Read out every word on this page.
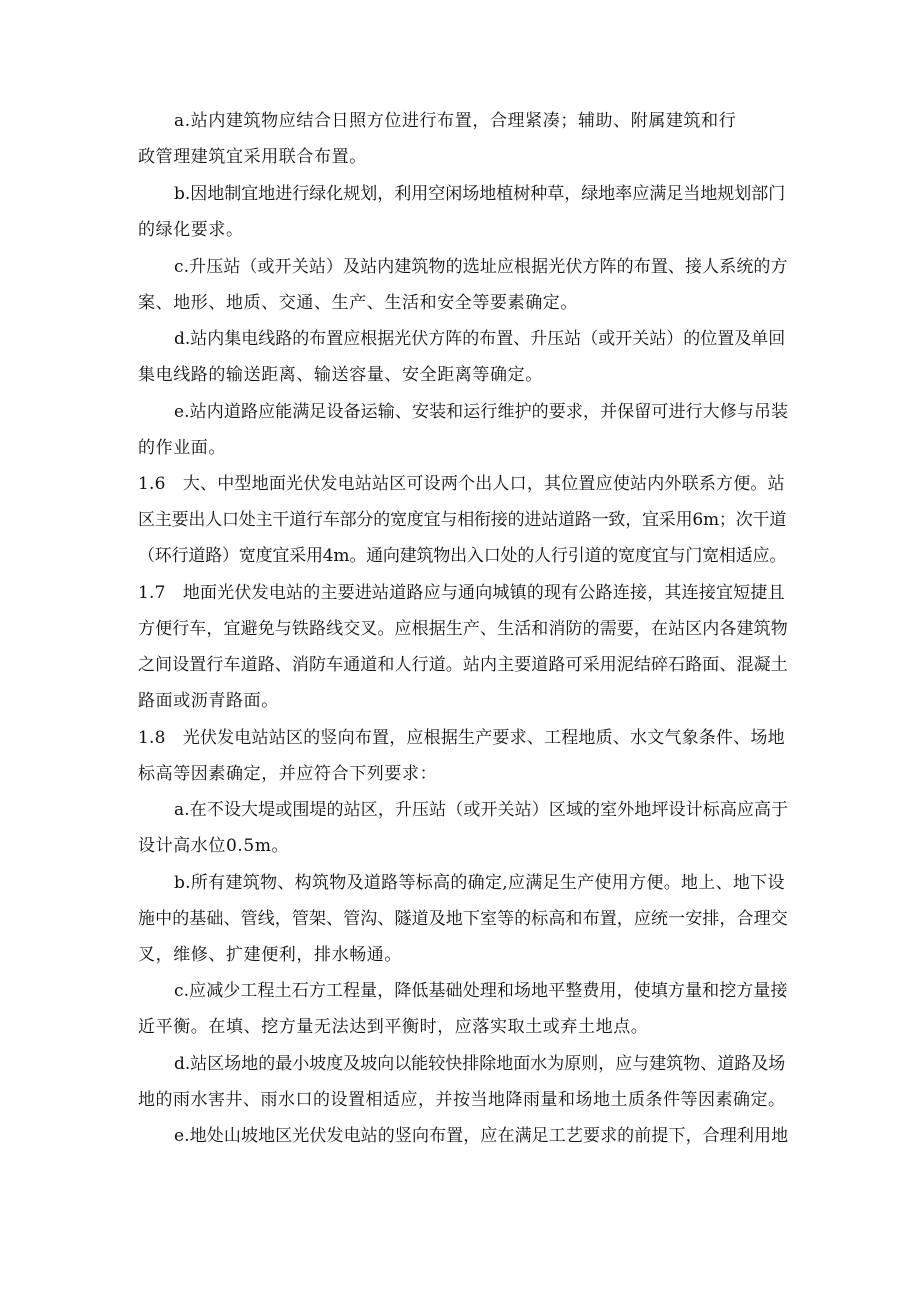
a.站内建筑物应结合日照方位进行布置，合理紧凑；辅助、附属建筑和行
政管理建筑宜采用联合布置。
b.因地制宜地进行绿化规划，利用空闲场地植树种草，绿地率应满足当地规划部门
的绿化要求。
c.升压站（或开关站）及站内建筑物的选址应根据光伏方阵的布置、接人系统的方
案、地形、地质、交通、生产、生活和安全等要素确定。
d.站内集电线路的布置应根据光伏方阵的布置、升压站（或开关站）的位置及单回
集电线路的输送距离、输送容量、安全距离等确定。
e.站内道路应能满足设备运输、安装和运行维护的要求，并保留可进行大修与吊装
的作业面。
1.6　大、中型地面光伏发电站站区可设两个出人口，其位置应使站内外联系方便。站
区主要出人口处主干道行车部分的宽度宜与相衔接的进站道路一致，宜采用6m；次干道
（环行道路）宽度宜采用4m。通向建筑物出入口处的人行引道的宽度宜与门宽相适应。
1.7　地面光伏发电站的主要进站道路应与通向城镇的现有公路连接，其连接宜短捷且
方便行车，宜避免与铁路线交叉。应根据生产、生活和消防的需要，在站区内各建筑物
之间设置行车道路、消防车通道和人行道。站内主要道路可采用泥结碎石路面、混凝土
路面或沥青路面。
1.8　光伏发电站站区的竖向布置，应根据生产要求、工程地质、水文气象条件、场地
标高等因素确定，并应符合下列要求：
a.在不设大堤或围堤的站区，升压站（或开关站）区域的室外地坪设计标高应高于
设计高水位0.5m。
b.所有建筑物、构筑物及道路等标高的确定,应满足生产使用方便。地上、地下设
施中的基础、管线，管架、管沟、隧道及地下室等的标高和布置，应统一安排，合理交
叉，维修、扩建便利，排水畅通。
c.应减少工程土石方工程量，降低基础处理和场地平整费用，使填方量和挖方量接
近平衡。在填、挖方量无法达到平衡时，应落实取土或弃土地点。
d.站区场地的最小坡度及坡向以能较快排除地面水为原则，应与建筑物、道路及场
地的雨水害井、雨水口的设置相适应，并按当地降雨量和场地土质条件等因素确定。
e.地处山坡地区光伏发电站的竖向布置，应在满足工艺要求的前提下，合理利用地
